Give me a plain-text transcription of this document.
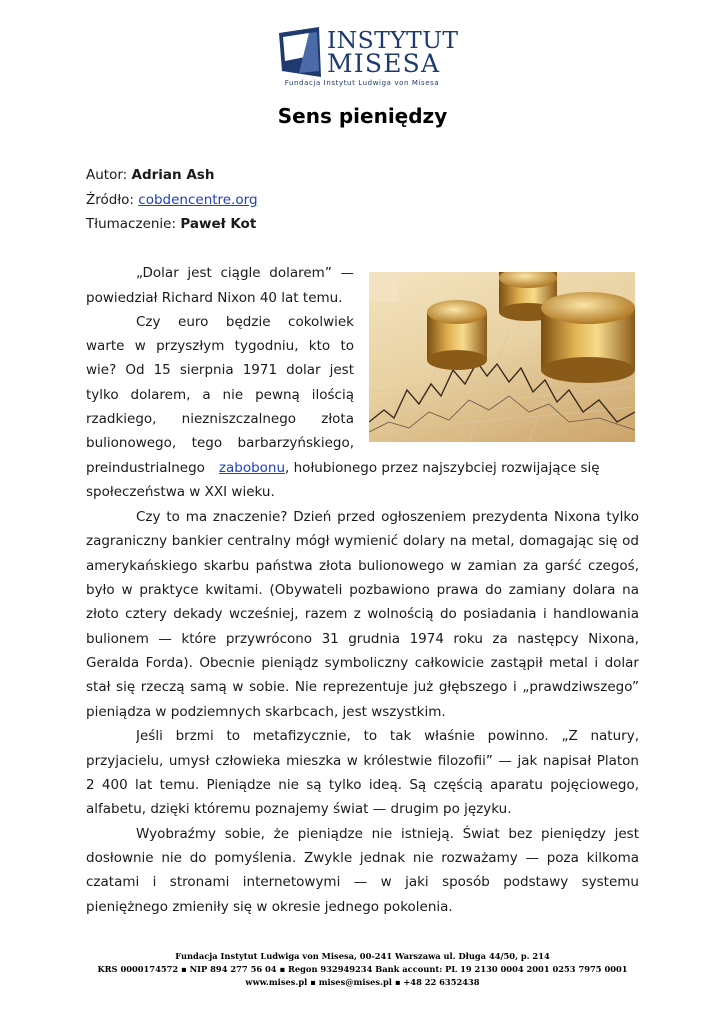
INSTYTUT
MISESA
Fundacja Instytut Ludwiga von Misesa
Sens pieniędzy
Autor: Adrian Ash
Źródło: cobdencentre.org
Tłumaczenie: Paweł Kot
„Dolar jest ciągle dolarem” —
powiedział Richard Nixon 40 lat temu.
Czy euro będzie cokolwiek
warte w przyszłym tygodniu, kto to
wie? Od 15 sierpnia 1971 dolar jest
tylko dolarem, a nie pewną ilością
rzadkiego, niezniszczalnego złota
bulionowego, tego barbarzyńskiego,
preindustrialnego zabobonu, hołubionego przez najszybciej rozwijające się
społeczeństwa w XXI wieku.
Czy to ma znaczenie? Dzień przed ogłoszeniem prezydenta Nixona tylko
zagraniczny bankier centralny mógł wymienić dolary na metal, domagając się od
amerykańskiego skarbu państwa złota bulionowego w zamian za garść czegoś,
było w praktyce kwitami. (Obywateli pozbawiono prawa do zamiany dolara na
złoto cztery dekady wcześniej, razem z wolnością do posiadania i handlowania
bulionem — które przywrócono 31 grudnia 1974 roku za następcy Nixona,
Geralda Forda). Obecnie pieniądz symboliczny całkowicie zastąpił metal i dolar
stał się rzeczą samą w sobie. Nie reprezentuje już głębszego i „prawdziwszego”
pieniądza w podziemnych skarbcach, jest wszystkim.
Jeśli brzmi to metafizycznie, to tak właśnie powinno. „Z natury,
przyjacielu, umysł człowieka mieszka w królestwie filozofii” — jak napisał Platon
2 400 lat temu. Pieniądze nie są tylko ideą. Są częścią aparatu pojęciowego,
alfabetu, dzięki któremu poznajemy świat — drugim po języku.
Wyobraźmy sobie, że pieniądze nie istnieją. Świat bez pieniędzy jest
dosłownie nie do pomyślenia. Zwykle jednak nie rozważamy — poza kilkoma
czatami i stronami internetowymi — w jaki sposób podstawy systemu
pieniężnego zmieniły się w okresie jednego pokolenia.
Fundacja Instytut Ludwiga von Misesa, 00-241 Warszawa ul. Długa 44/50, p. 214
KRS 0000174572 ▪ NIP 894 277 56 04 ▪ Regon 932949234 Bank account: PL 19 2130 0004 2001 0253 7975 0001
www.mises.pl ▪ mises@mises.pl ▪ +48 22 6352438
